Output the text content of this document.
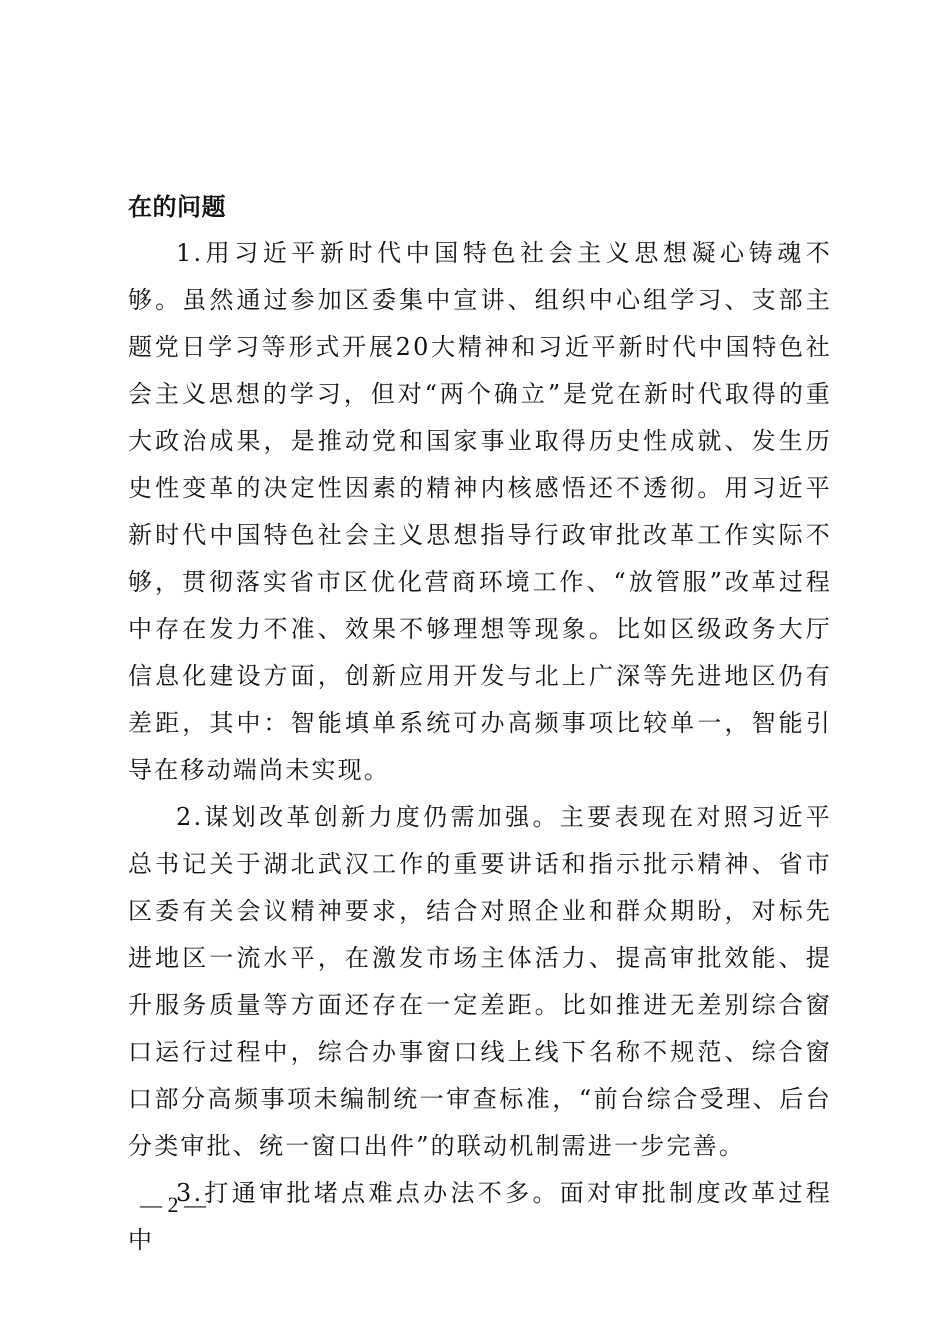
在的问题

1.用习近平新时代中国特色社会主义思想凝心铸魂不够。虽然通过参加区委集中宣讲、组织中心组学习、支部主题党日学习等形式开展20大精神和习近平新时代中国特色社会主义思想的学习，但对“两个确立”是党在新时代取得的重大政治成果，是推动党和国家事业取得历史性成就、发生历史性变革的决定性因素的精神内核感悟还不透彻。用习近平新时代中国特色社会主义思想指导行政审批改革工作实际不够，贯彻落实省市区优化营商环境工作、“放管服”改革过程中存在发力不准、效果不够理想等现象。比如区级政务大厅信息化建设方面，创新应用开发与北上广深等先进地区仍有差距，其中：智能填单系统可办高频事项比较单一，智能引导在移动端尚未实现。

2.谋划改革创新力度仍需加强。主要表现在对照习近平总书记关于湖北武汉工作的重要讲话和指示批示精神、省市区委有关会议精神要求，结合对照企业和群众期盼，对标先进地区一流水平，在激发市场主体活力、提高审批效能、提升服务质量等方面还存在一定差距。比如推进无差别综合窗口运行过程中，综合办事窗口线上线下名称不规范、综合窗口部分高频事项未编制统一审查标准，“前台综合受理、后台分类审批、统一窗口出件”的联动机制需进一步完善。

3.打通审批堵点难点办法不多。面对审批制度改革过程中

— 2 —
